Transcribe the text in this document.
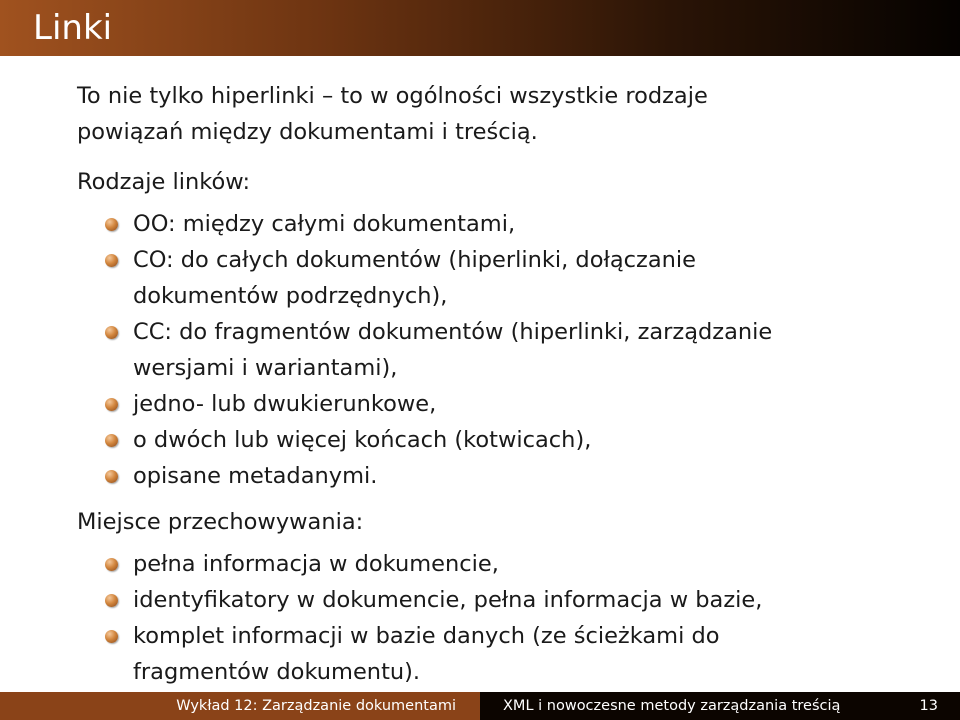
Linki

To nie tylko hiperlinki – to w ogólności wszystkie rodzaje powiązań między dokumentami i treścią.

Rodzaje linków:

OO: między całymi dokumentami,
CO: do całych dokumentów (hiperlinki, dołączanie dokumentów podrzędnych),
CC: do fragmentów dokumentów (hiperlinki, zarządzanie wersjami i wariantami),
jedno- lub dwukierunkowe,
o dwóch lub więcej końcach (kotwicach),
opisane metadanymi.

Miejsce przechowywania:

pełna informacja w dokumencie,
identyfikatory w dokumencie, pełna informacja w bazie,
komplet informacji w bazie danych (ze ścieżkami do fragmentów dokumentu).
Wykład 12: Zarządzanie dokumentami	XML i nowoczesne metody zarządzania treścią	13
